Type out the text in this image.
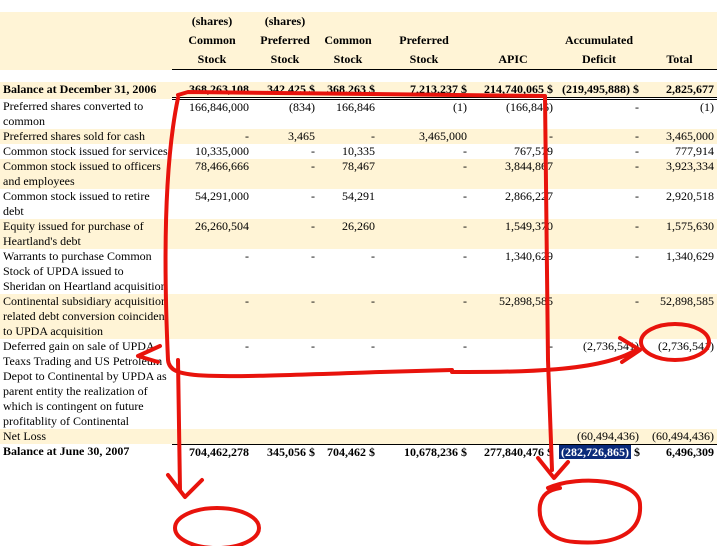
	(shares)	(shares)					
	Common	Preferred	Common	Preferred		Accumulated	
	Stock	Stock	Stock	Stock	APIC	Deficit	Total

Balance at December 31, 2006	368,263,108	342,425 $	368,263 $	7,213,237 $	214,740,065 $	(219,495,888) $	2,825,677
Preferred shares converted to common	166,846,000	(834)	166,846	(1)	(166,846)	-	(1)
Preferred shares sold for cash	-	3,465	-	3,465,000	-	-	3,465,000
Common stock issued for services	10,335,000	-	10,335	-	767,579	-	777,914
Common stock issued to officers and employees	78,466,666	-	78,467	-	3,844,867	-	3,923,334
Common stock issued to retire debt	54,291,000	-	54,291	-	2,866,227	-	2,920,518
Equity issued for purchase of Heartland's debt	26,260,504	-	26,260	-	1,549,370	-	1,575,630
Warrants to purchase Common Stock of UPDA issued to Sheridan on Heartland acquisition	-	-	-	-	1,340,629	-	1,340,629
Continental subsidiary acquisition related debt conversion coincident to UPDA acquisition	-	-	-	-	52,898,585	-	52,898,585
Deferred gain on sale of UPDA Teaxs Trading and US Petroleum Depot to Continental by UPDA as parent entity the realization of which is contingent on future profitablity of Continental	-	-	-	-	-	(2,736,541)	(2,736,541)
Net Loss						(60,494,436)	(60,494,436)
Balance at June 30, 2007	704,462,278	345,056 $	704,462 $	10,678,236 $	277,840,476 $	(282,726,865) $	6,496,309
